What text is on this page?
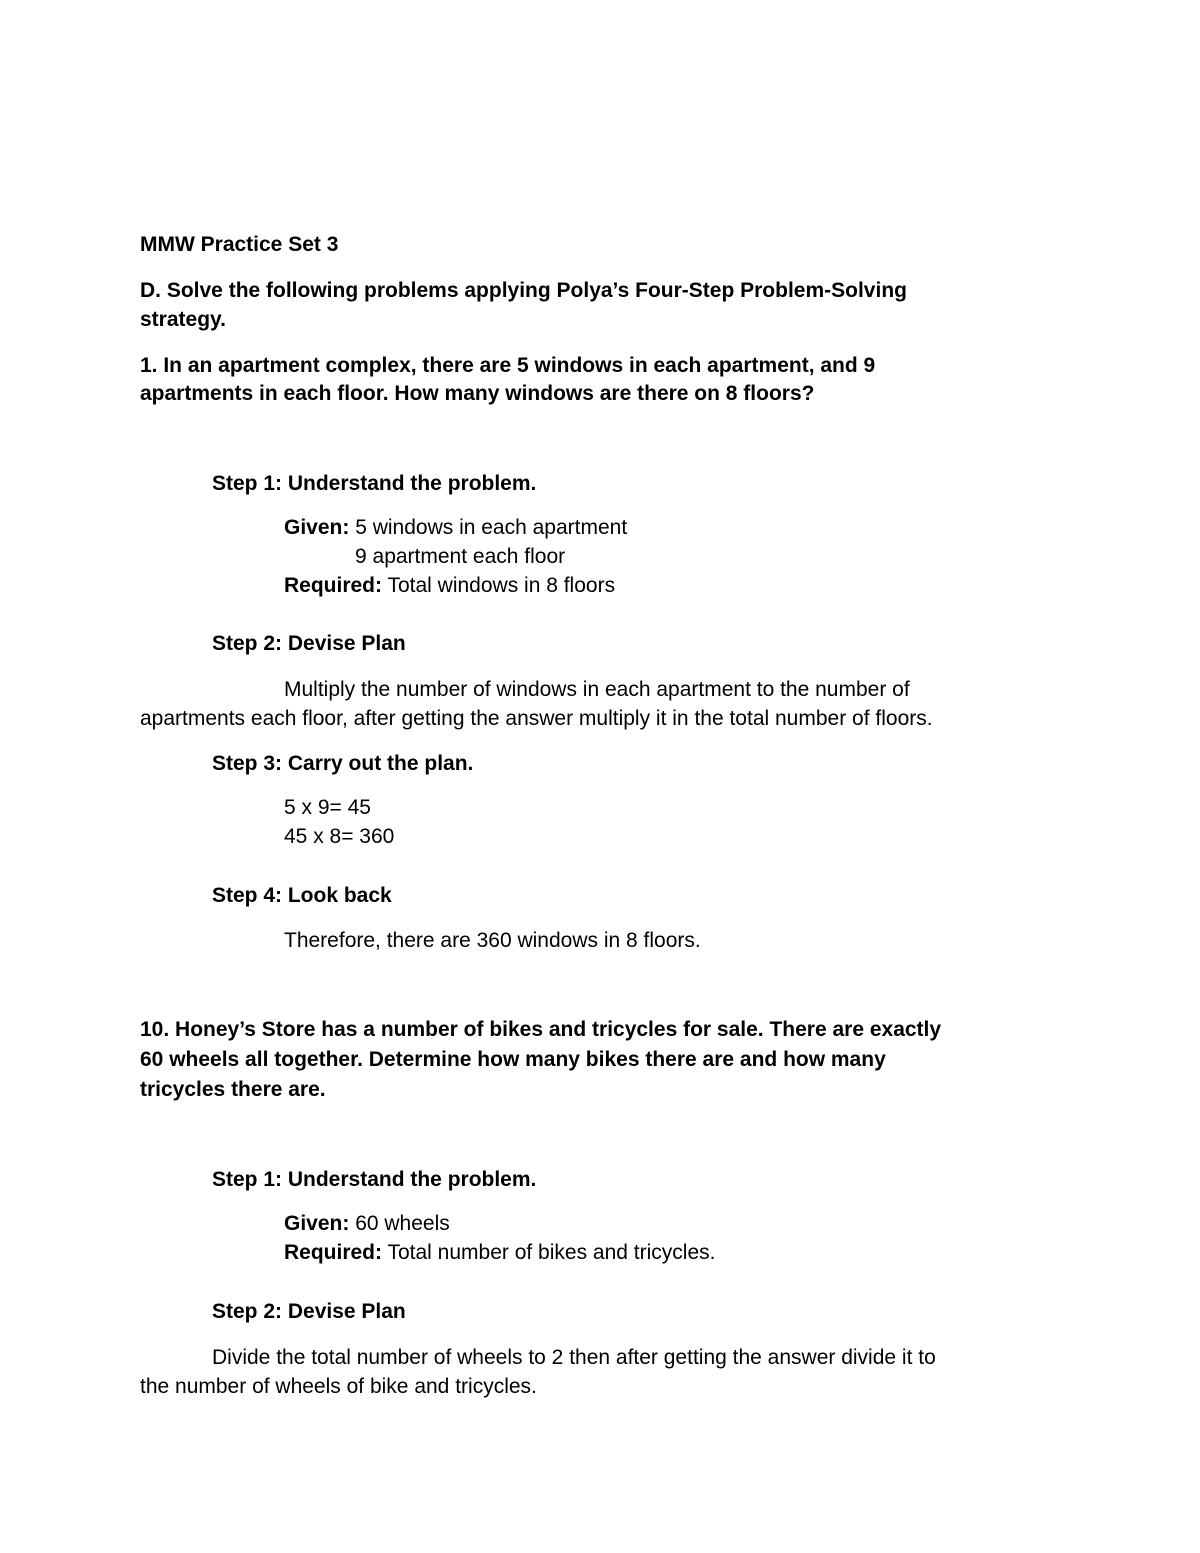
MMW Practice Set 3
D. Solve the following problems applying Polya’s Four-Step Problem-Solving
strategy.
1. In an apartment complex, there are 5 windows in each apartment, and 9
apartments in each floor. How many windows are there on 8 floors?
Step 1: Understand the problem.
Given: 5 windows in each apartment
9 apartment each floor
Required: Total windows in 8 floors
Step 2: Devise Plan
Multiply the number of windows in each apartment to the number of
apartments each floor, after getting the answer multiply it in the total number of floors.
Step 3: Carry out the plan.
5 x 9= 45
45 x 8= 360
Step 4: Look back
Therefore, there are 360 windows in 8 floors.
10. Honey’s Store has a number of bikes and tricycles for sale. There are exactly
60 wheels all together. Determine how many bikes there are and how many
tricycles there are.
Step 1: Understand the problem.
Given: 60 wheels
Required: Total number of bikes and tricycles.
Step 2: Devise Plan
Divide the total number of wheels to 2 then after getting the answer divide it to
the number of wheels of bike and tricycles.
